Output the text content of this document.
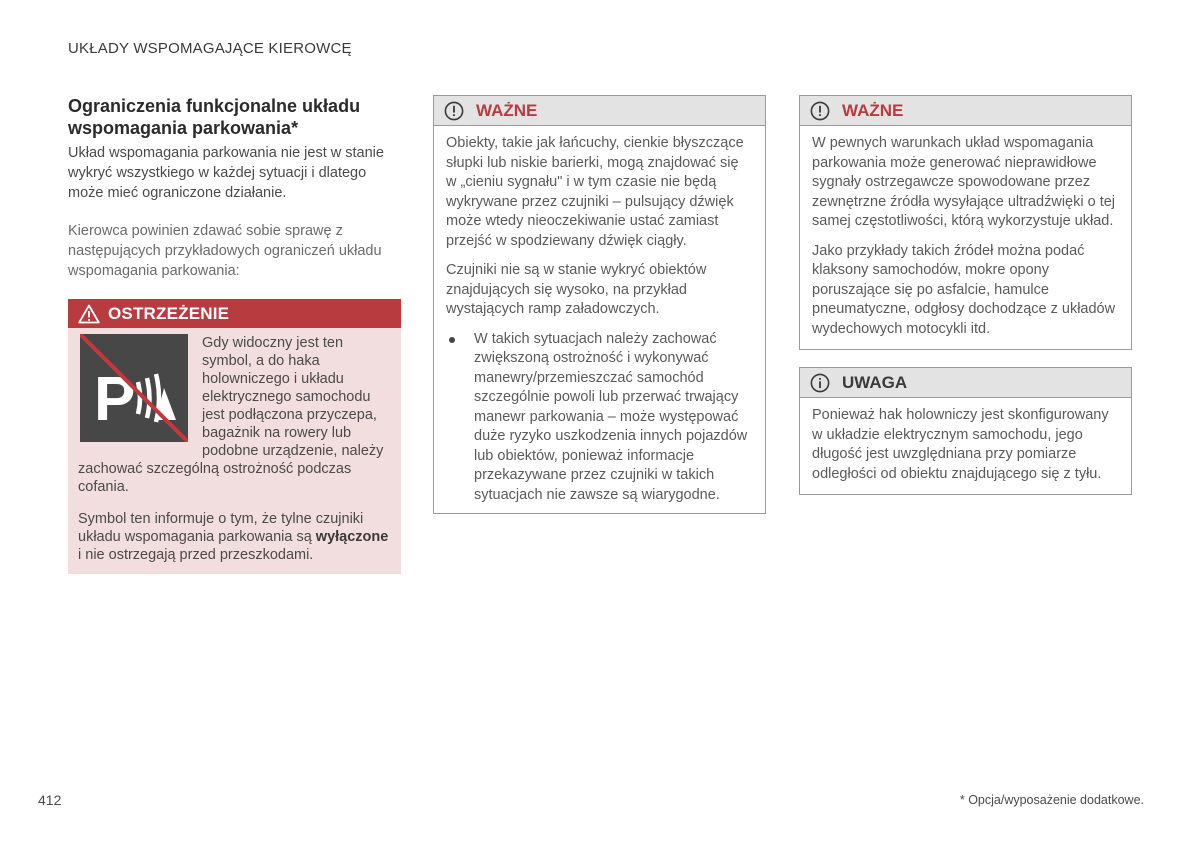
UKŁADY WSPOMAGAJĄCE KIEROWCĘ
Ograniczenia funkcjonalne układu
wspomagania parkowania*

Układ wspomagania parkowania nie jest w stanie wykryć wszystkiego w każdej sytuacji i dlatego może mieć ograniczone działanie.

Kierowca powinien zdawać sobie sprawę z następujących przykładowych ograniczeń układu wspomagania parkowania:

OSTRZEŻENIE
P

Gdy widoczny jest ten symbol, a do haka holowniczego i układu elektrycznego samochodu jest podłączona przyczepa, bagażnik na rowery lub podobne urządzenie, należy zachować szczególną ostrożność podczas cofania.

Symbol ten informuje o tym, że tylne czujniki układu wspomagania parkowania są wyłączone i nie ostrzegają przed przeszkodami.

WAŻNE

Obiekty, takie jak łańcuchy, cienkie błyszczące słupki lub niskie barierki, mogą znajdować się w „cieniu sygnału" i w tym czasie nie będą wykrywane przez czujniki – pulsujący dźwięk może wtedy nieoczekiwanie ustać zamiast przejść w spodziewany dźwięk ciągły.

Czujniki nie są w stanie wykryć obiektów znajdujących się wysoko, na przykład wystających ramp załadowczych.

W takich sytuacjach należy zachować zwiększoną ostrożność i wykonywać manewry/przemieszczać samochód szczególnie powoli lub przerwać trwający manewr parkowania – może występować duże ryzyko uszkodzenia innych pojazdów lub obiektów, ponieważ informacje przekazywane przez czujniki w takich sytuacjach nie zawsze są wiarygodne.
WAŻNE

W pewnych warunkach układ wspomagania parkowania może generować nieprawidłowe sygnały ostrzegawcze spowodowane przez zewnętrzne źródła wysyłające ultradźwięki o tej samej częstotliwości, którą wykorzystuje układ.

Jako przykłady takich źródeł można podać klaksony samochodów, mokre opony poruszające się po asfalcie, hamulce pneumatyczne, odgłosy dochodzące z układów wydechowych motocykli itd.

UWAGA

Ponieważ hak holowniczy jest skonfigurowany w układzie elektrycznym samochodu, jego długość jest uwzględniana przy pomiarze odległości od obiektu znajdującego się z tyłu.

412	* Opcja/wyposażenie dodatkowe.
